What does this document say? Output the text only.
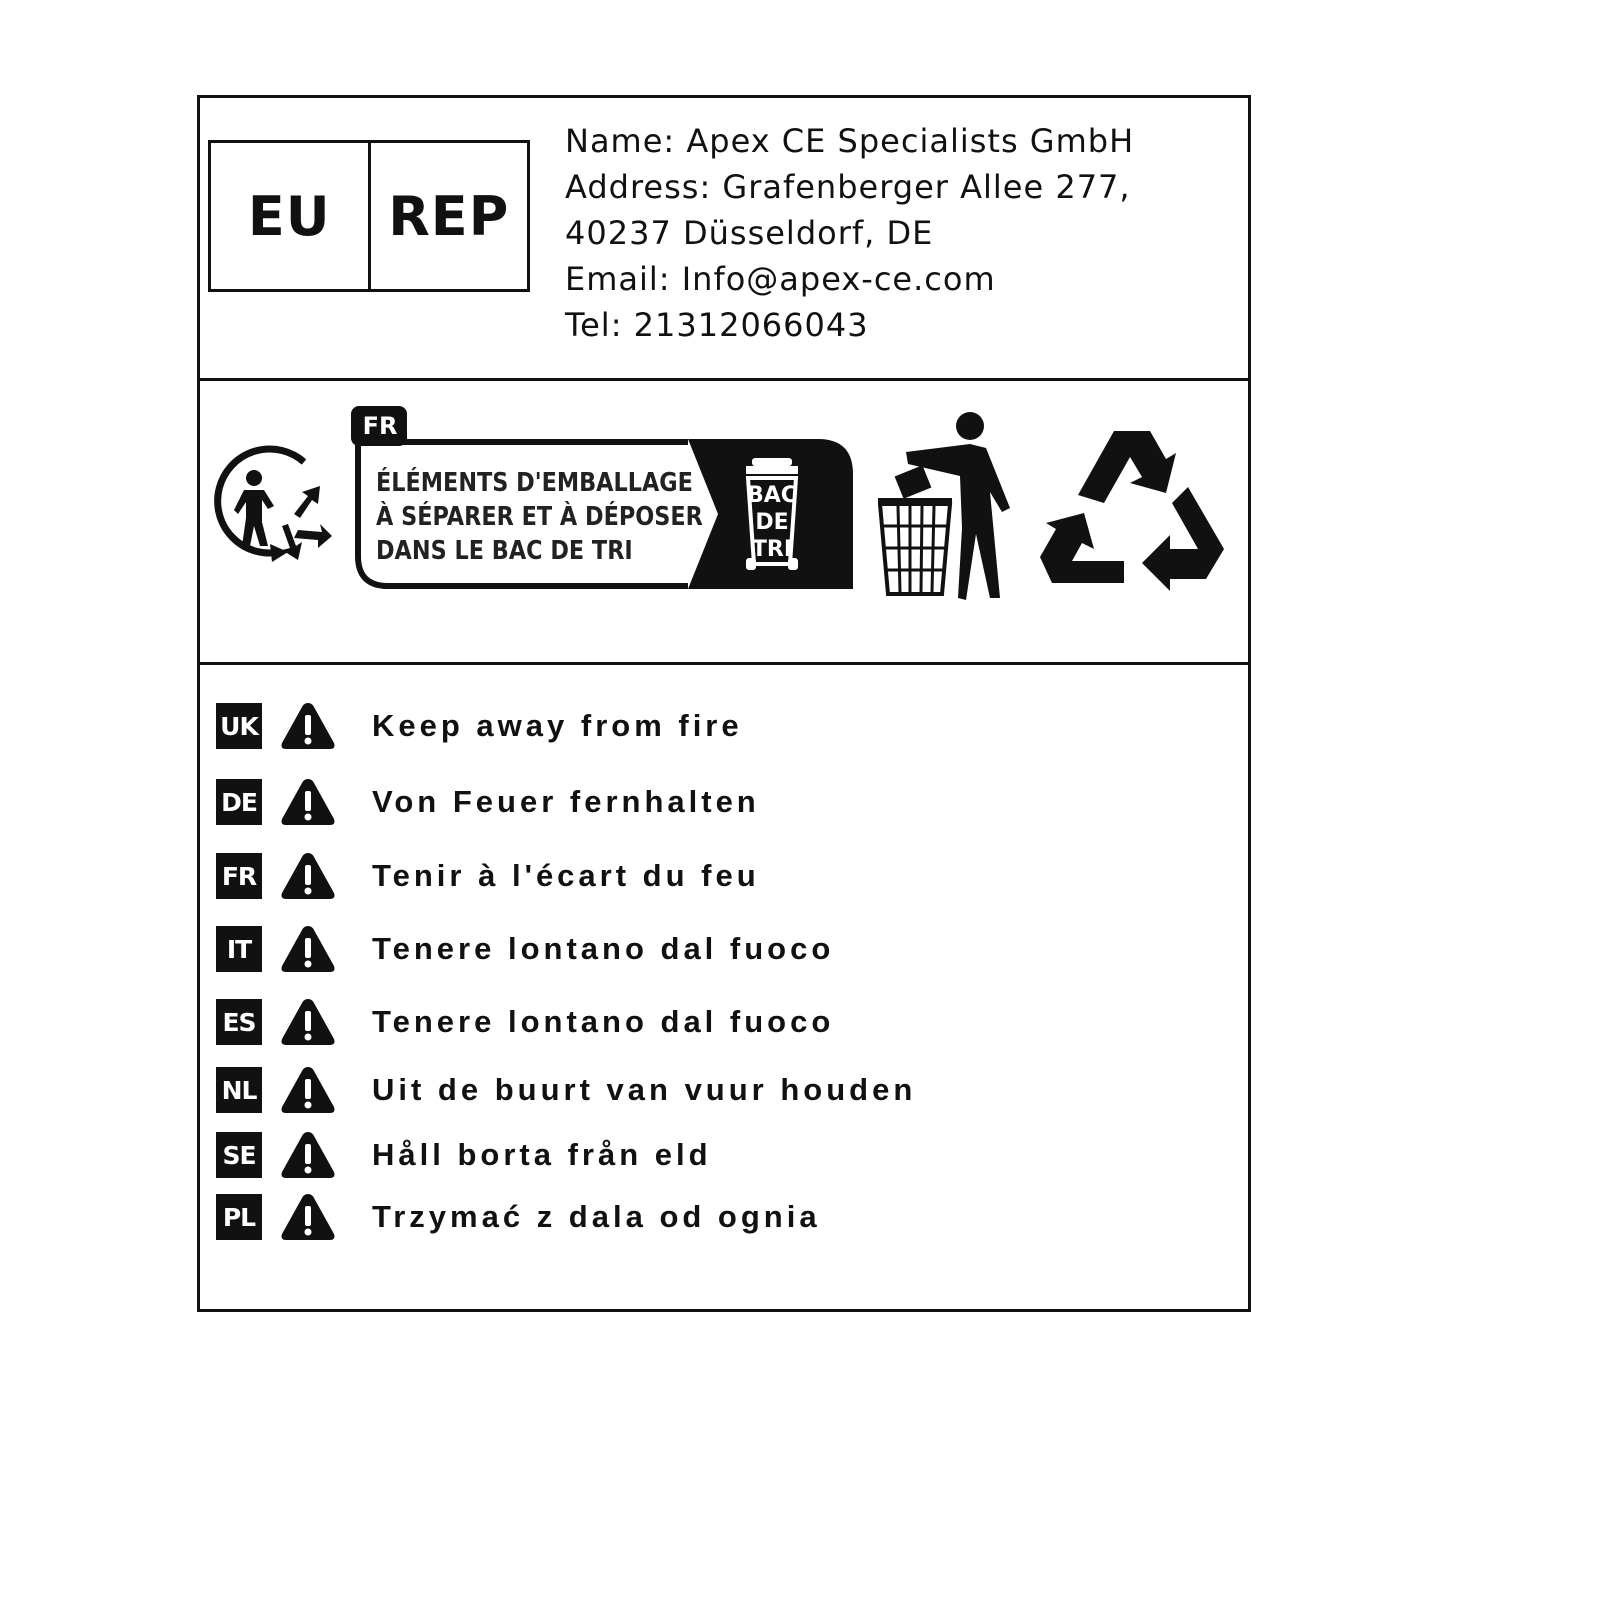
EU	REP
Name: Apex CE Specialists GmbH
Address: Grafenberger Allee 277,
40237 Düsseldorf, DE
Email: Info@apex-ce.com
Tel: 21312066043
FR
ÉLÉMENTS D'EMBALLAGE
À SÉPARER ET À DÉPOSER
DANS LE BAC DE TRI
BAC
DE
TRI
UK	Keep away from fire
DE	Von Feuer fernhalten
FR	Tenir à l'écart du feu
IT	Tenere lontano dal fuoco
ES	Tenere lontano dal fuoco
NL	Uit de buurt van vuur houden
SE	Håll borta från eld
PL	Trzymać z dala od ognia
